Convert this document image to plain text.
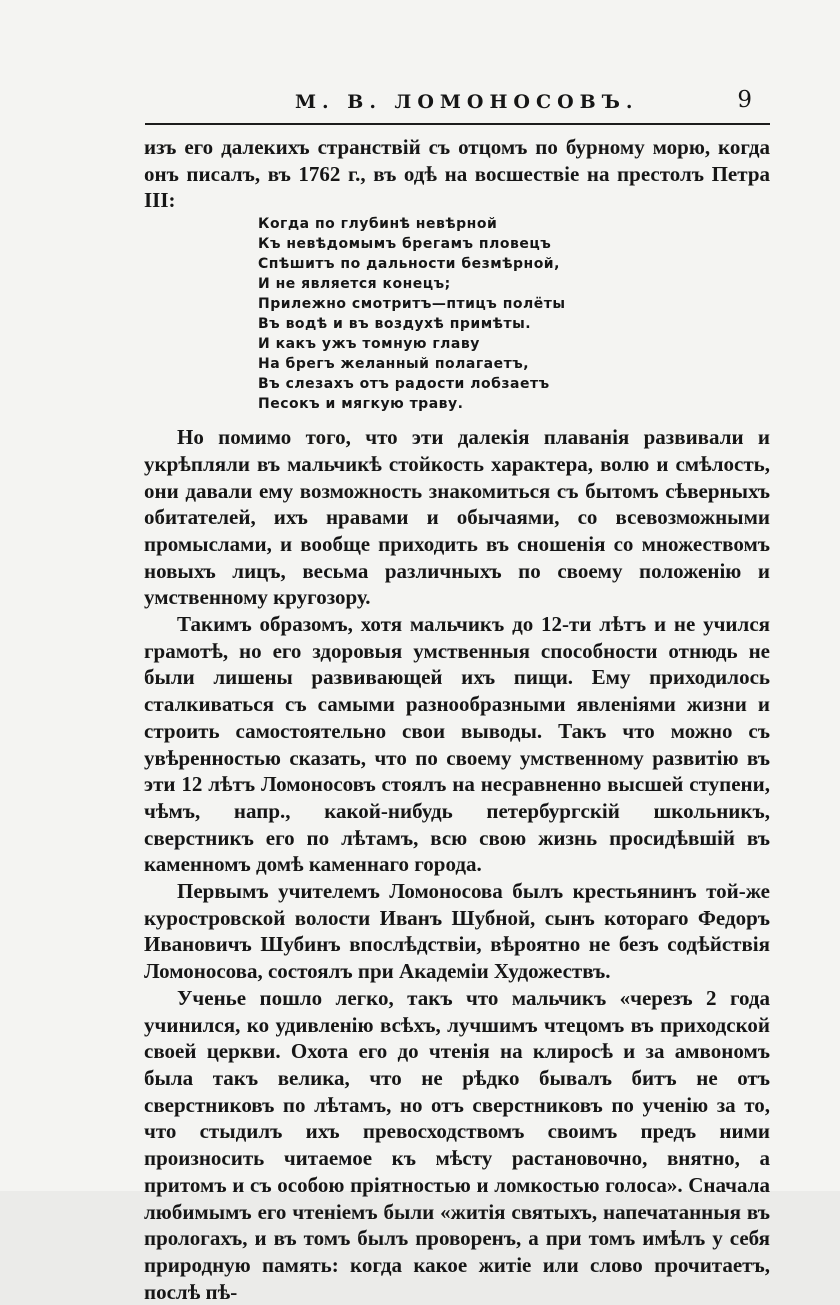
М. В. ЛОМОНОСОВЪ.	9

изъ его далекихъ странствій съ отцомъ по бурному морю, когда онъ писалъ, въ 1762 г., въ одѣ на восшествіе на престолъ Петра III:

Когда по глубинѣ невѣрной
Къ невѣдомымъ брегамъ пловецъ
Спѣшитъ по дальности безмѣрной,
И не является конецъ;
Прилежно смотритъ—птицъ полёты
Въ водѣ и въ воздухѣ примѣты.
И какъ ужъ томную главу
На брегъ желанный полагаетъ,
Въ слезахъ отъ радости лобзаетъ
Песокъ и мягкую траву.

Но помимо того, что эти далекія плаванія развивали и укрѣпляли въ мальчикѣ стойкость характера, волю и смѣлость, они давали ему возможность знакомиться съ бытомъ сѣверныхъ обитателей, ихъ нравами и обычаями, со всевозможными промыслами, и вообще приходить въ сношенія со множествомъ новыхъ лицъ, весьма различныхъ по своему положенію и умственному кругозору.

Такимъ образомъ, хотя мальчикъ до 12-ти лѣтъ и не учился грамотѣ, но его здоровыя умственныя способности отнюдь не были лишены развивающей ихъ пищи. Ему приходилось сталкиваться съ самыми разнообразными явленіями жизни и строить самостоятельно свои выводы. Такъ что можно съ увѣренностью сказать, что по своему умственному развитію въ эти 12 лѣтъ Ломоносовъ стоялъ на несравненно высшей ступени, чѣмъ, напр., какой-нибудь петербургскій школьникъ, сверстникъ его по лѣтамъ, всю свою жизнь просидѣвшій въ каменномъ домѣ каменнаго города.

Первымъ учителемъ Ломоносова былъ крестьянинъ той-же куростровской волости Иванъ Шубной, сынъ котораго Федоръ Ивановичъ Шубинъ впослѣдствіи, вѣроятно не безъ содѣйствія Ломоносова, состоялъ при Академіи Художествъ.

Ученье пошло легко, такъ что мальчикъ «черезъ 2 года учинился, ко удивленію всѣхъ, лучшимъ чтецомъ въ приходской своей церкви. Охота его до чтенія на клиросѣ и за амвономъ была такъ велика, что не рѣдко бывалъ битъ не отъ сверстниковъ по лѣтамъ, но отъ сверстниковъ по ученію за то, что стыдилъ ихъ превосходствомъ своимъ предъ ними произносить читаемое къ мѣсту растановочно, внятно, а притомъ и съ особою пріятностью и ломкостью голоса». Сначала любимымъ его чтеніемъ были «житія святыхъ, напечатанныя въ прологахъ, и въ томъ былъ проворенъ, а при томъ имѣлъ у себя природную память: когда какое житіе или слово прочитаетъ, послѣ пѣ-
